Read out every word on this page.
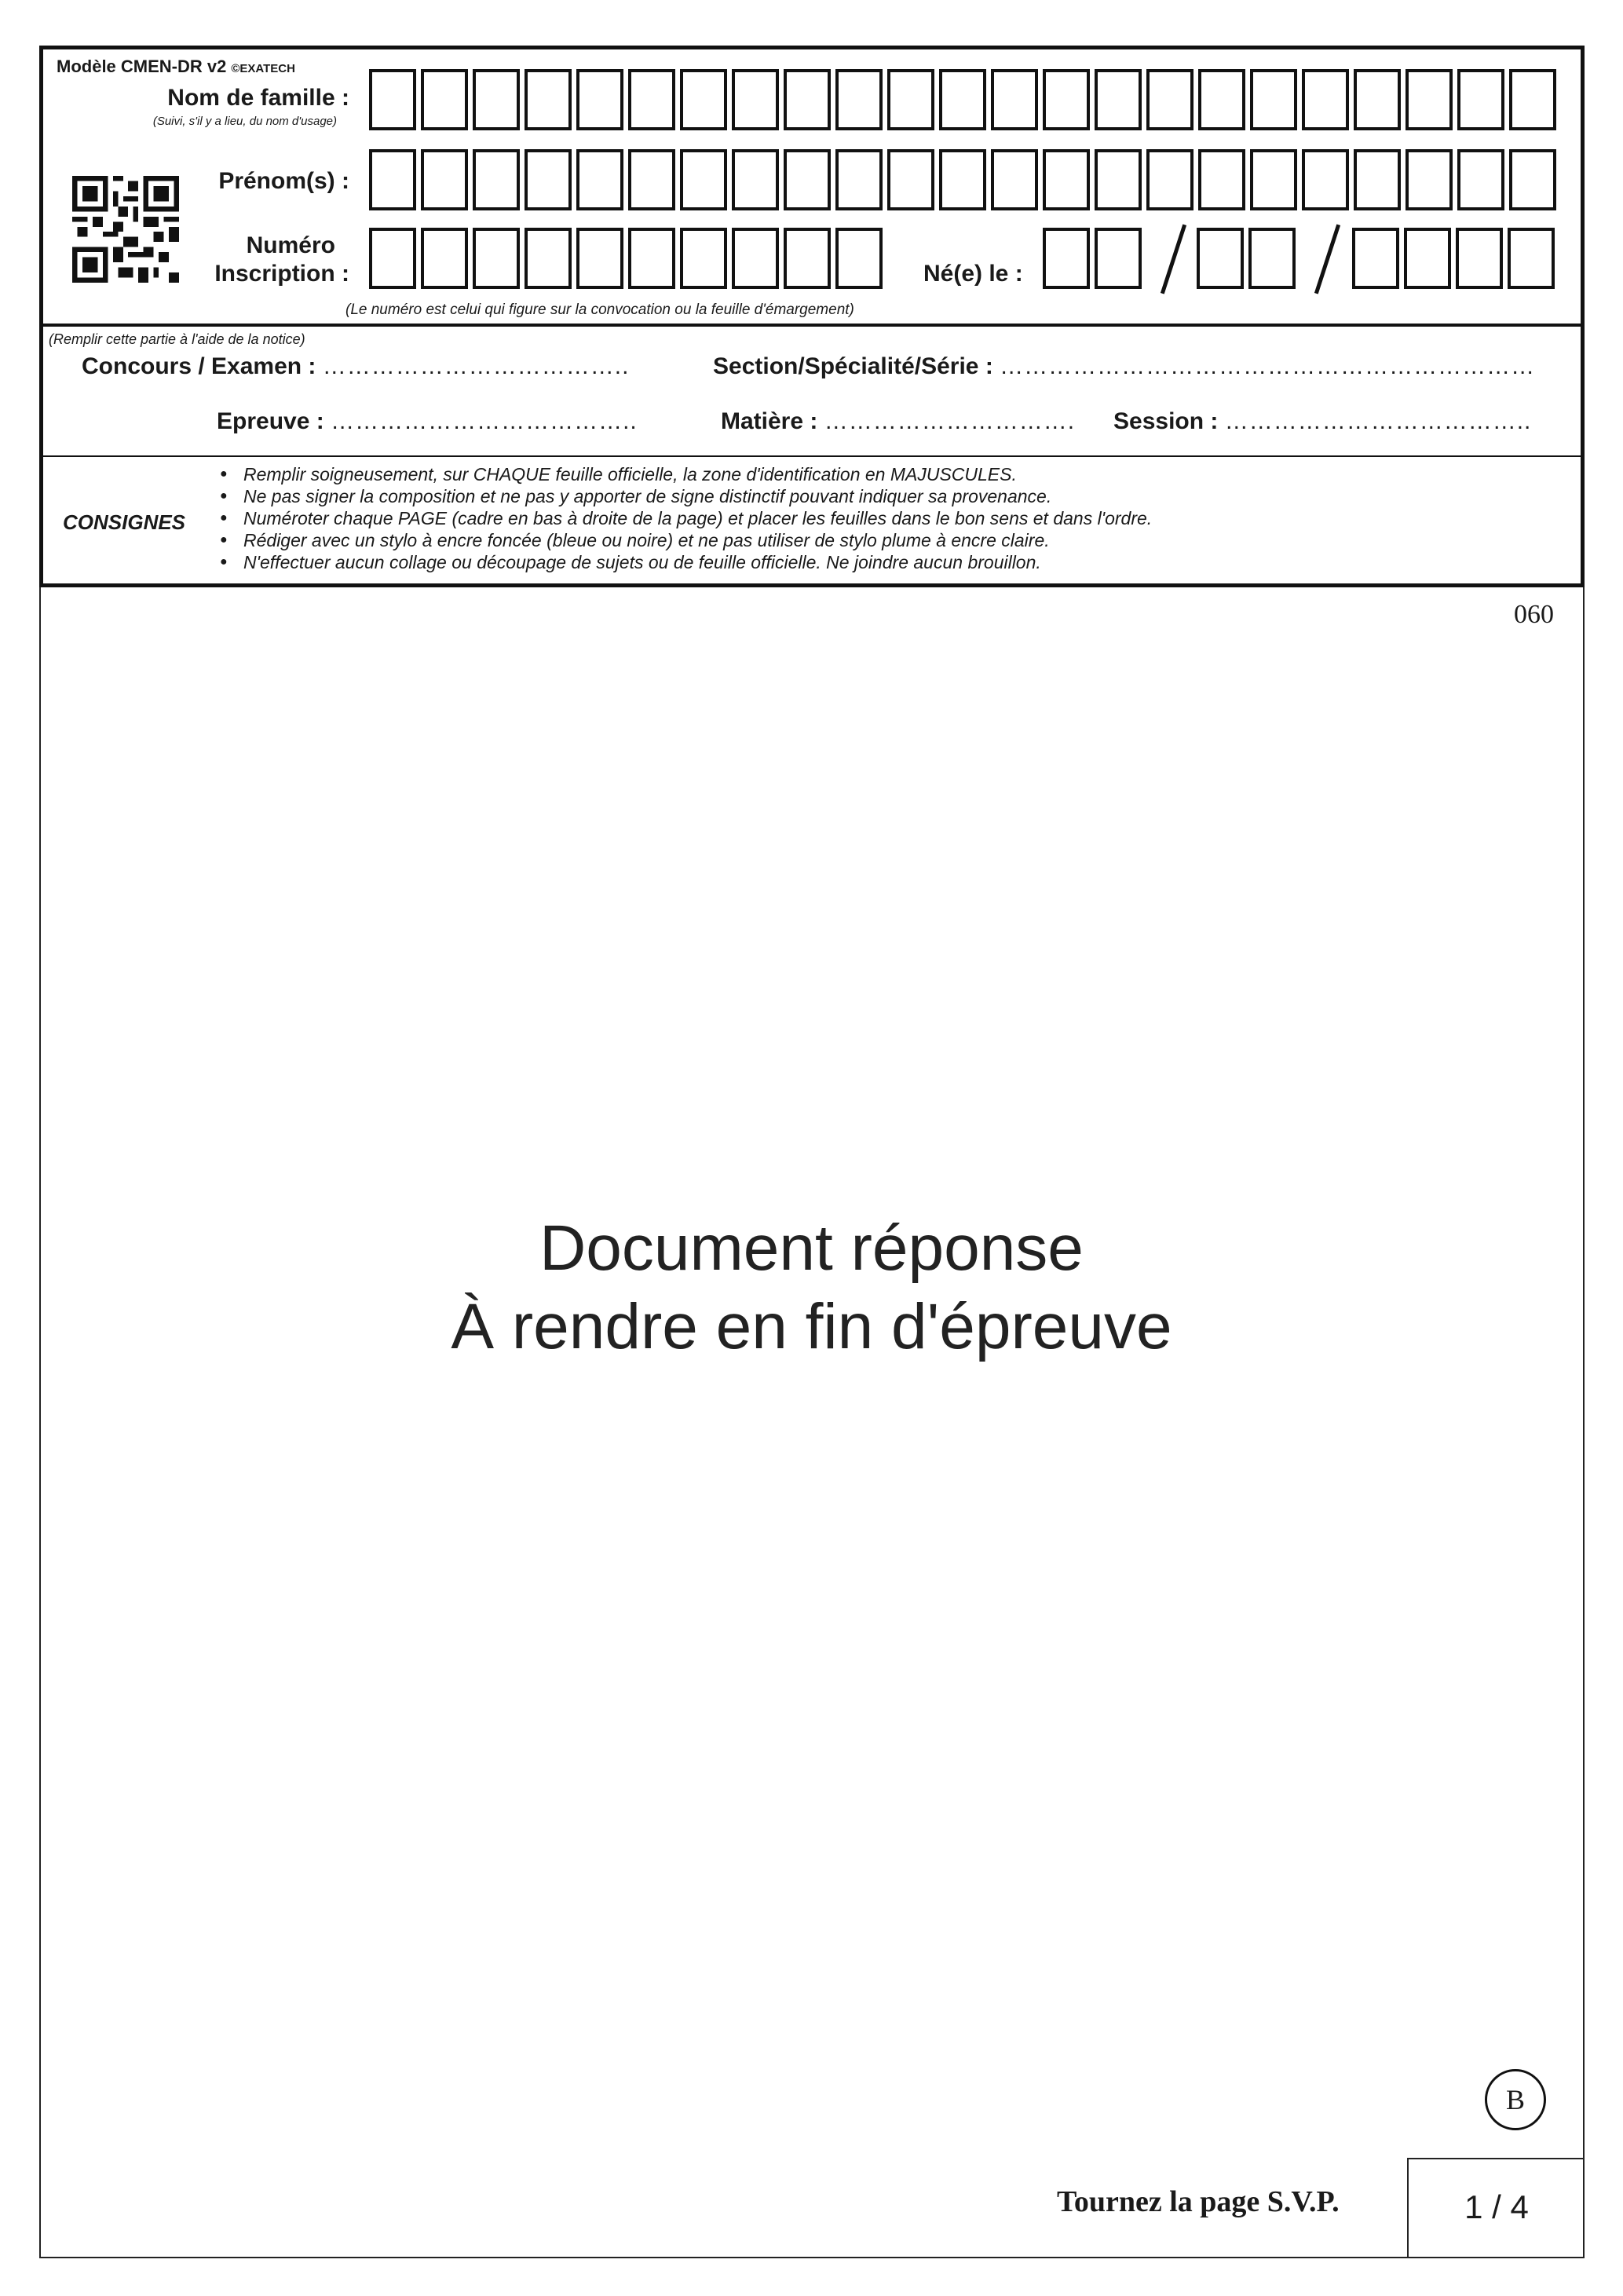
Modèle CMEN-DR v2 ©EXATECH
Nom de famille :
(Suivi, s'il y a lieu, du nom d'usage)
Prénom(s) :
Numéro
Inscription :	Né(e) le :
(Le numéro est celui qui figure sur la convocation ou la feuille d'émargement)
(Remplir cette partie à l'aide de la notice)
Concours / Examen : ………………………………..	Section/Spécialité/Série : …………………………………………………………
Epreuve : ………………………………..	Matière : …………………………. Session : ………………………………..
CONSIGNES
● Remplir soigneusement, sur CHAQUE feuille officielle, la zone d'identification en MAJUSCULES.
● Ne pas signer la composition et ne pas y apporter de signe distinctif pouvant indiquer sa provenance.
● Numéroter chaque PAGE (cadre en bas à droite de la page) et placer les feuilles dans le bon sens et dans l'ordre.
● Rédiger avec un stylo à encre foncée (bleue ou noire) et ne pas utiliser de stylo plume à encre claire.
● N'effectuer aucun collage ou découpage de sujets ou de feuille officielle. Ne joindre aucun brouillon.
060
Document réponse
À rendre en fin d'épreuve
B
Tournez la page S.V.P.	1 / 4
